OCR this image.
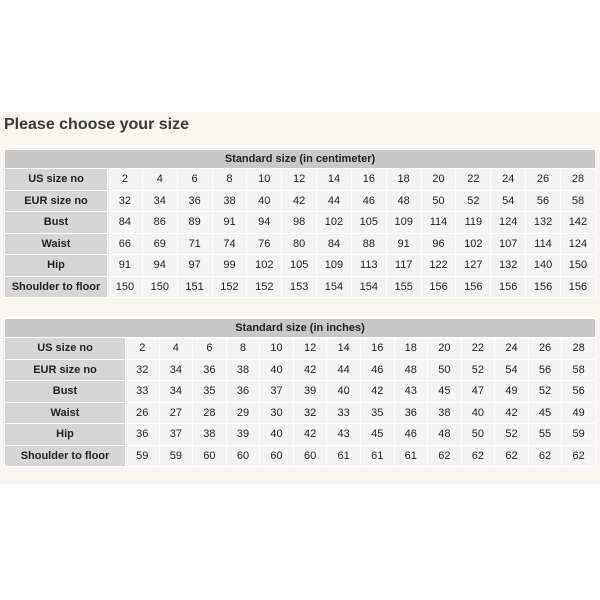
Please choose your size
Standard size (in centimeter)														
US size no	2	4	6	8	10	12	14	16	18	20	22	24	26	28
EUR size no	32	34	36	38	40	42	44	46	48	50	52	54	56	58
Bust	84	86	89	91	94	98	102	105	109	114	119	124	132	142
Waist	66	69	71	74	76	80	84	88	91	96	102	107	114	124
Hip	91	94	97	99	102	105	109	113	117	122	127	132	140	150
Shoulder to floor	150	150	151	152	152	153	154	154	155	156	156	156	156	156
Standard size (in inches)														
US size no	2	4	6	8	10	12	14	16	18	20	22	24	26	28
EUR size no	32	34	36	38	40	42	44	46	48	50	52	54	56	58
Bust	33	34	35	36	37	39	40	42	43	45	47	49	52	56
Waist	26	27	28	29	30	32	33	35	36	38	40	42	45	49
Hip	36	37	38	39	40	42	43	45	46	48	50	52	55	59
Shoulder to floor	59	59	60	60	60	60	61	61	61	62	62	62	62	62
